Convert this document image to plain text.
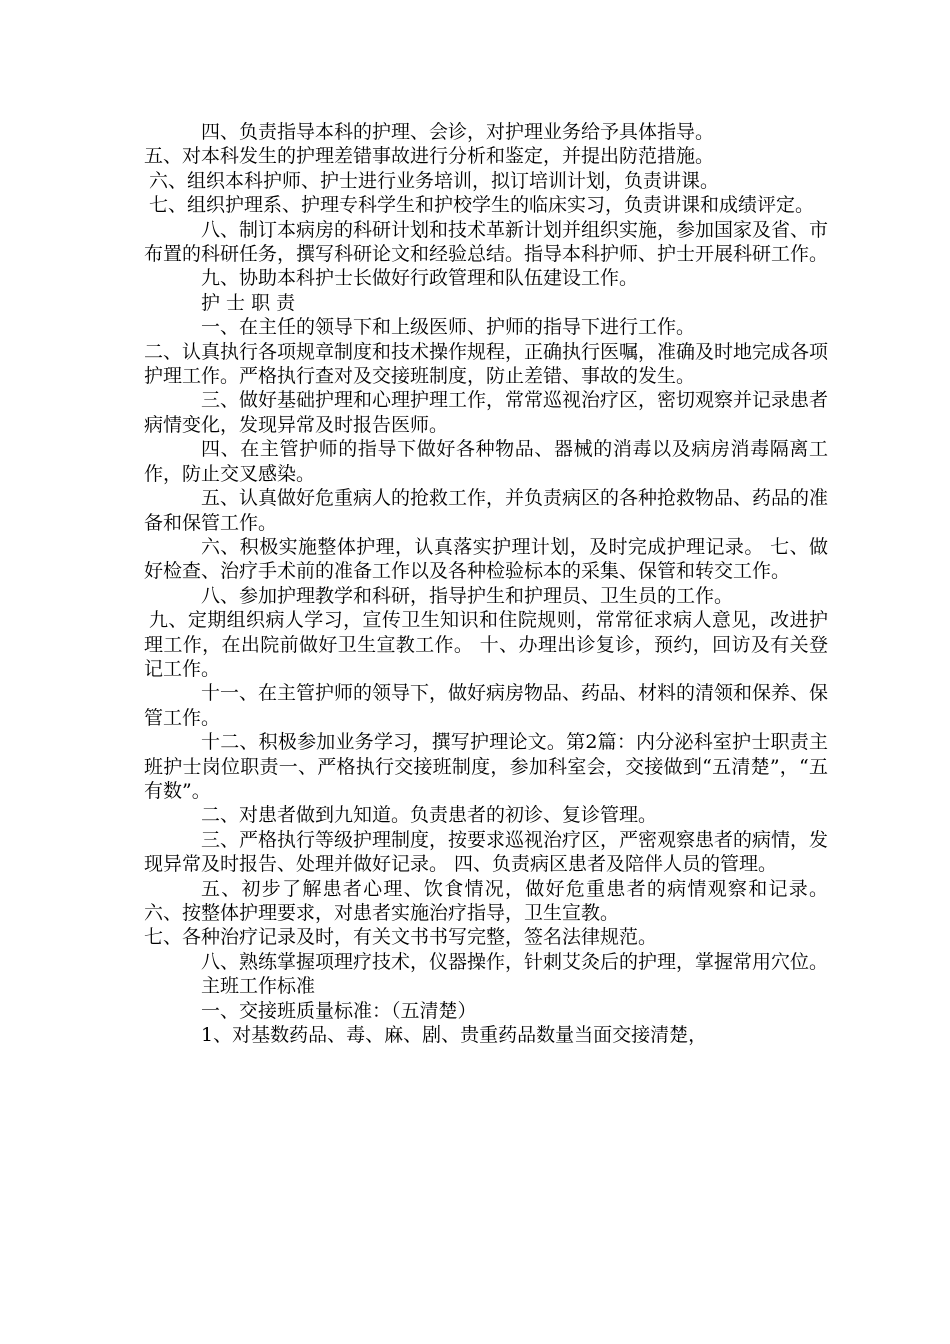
四、负责指导本科的护理、会诊，对护理业务给予具体指导。

五、对本科发生的护理差错事故进行分析和鉴定，并提出防范措施。

六、组织本科护师、护士进行业务培训，拟订培训计划，负责讲课。

七、组织护理系、护理专科学生和护校学生的临床实习，负责讲课和成绩评定。

八、制订本病房的科研计划和技术革新计划并组织实施，参加国家及省、市布置的科研任务，撰写科研论文和经验总结。指导本科护师、护士开展科研工作。

九、协助本科护士长做好行政管理和队伍建设工作。

护 士 职 责

一、在主任的领导下和上级医师、护师的指导下进行工作。

二、认真执行各项规章制度和技术操作规程，正确执行医嘱，准确及时地完成各项护理工作。严格执行查对及交接班制度，防止差错、事故的发生。

三、做好基础护理和心理护理工作，常常巡视治疗区，密切观察并记录患者病情变化，发现异常及时报告医师。

四、在主管护师的指导下做好各种物品、器械的消毒以及病房消毒隔离工作，防止交叉感染。

五、认真做好危重病人的抢救工作，并负责病区的各种抢救物品、药品的准备和保管工作。

六、积极实施整体护理，认真落实护理计划，及时完成护理记录。 七、做好检查、治疗手术前的准备工作以及各种检验标本的采集、保管和转交工作。

八、参加护理教学和科研，指导护生和护理员、卫生员的工作。

九、定期组织病人学习，宣传卫生知识和住院规则，常常征求病人意见，改进护理工作，在出院前做好卫生宣教工作。 十、办理出诊复诊，预约，回访及有关登记工作。

十一、在主管护师的领导下，做好病房物品、药品、材料的清领和保养、保管工作。

十二、积极参加业务学习，撰写护理论文。第2篇：内分泌科室护士职责主班护士岗位职责一、严格执行交接班制度，参加科室会，交接做到“五清楚”，“五有数”。

二、对患者做到九知道。负责患者的初诊、复诊管理。

三、严格执行等级护理制度，按要求巡视治疗区，严密观察患者的病情，发现异常及时报告、处理并做好记录。 四、负责病区患者及陪伴人员的管理。

五、初步了解患者心理、饮食情况，做好危重患者的病情观察和记录。 六、按整体护理要求，对患者实施治疗指导，卫生宣教。

七、各种治疗记录及时，有关文书书写完整，签名法律规范。

八、熟练掌握项理疗技术，仪器操作，针刺艾灸后的护理，掌握常用穴位。

主班工作标准

一、交接班质量标准：（五清楚）

1、对基数药品、毒、麻、剧、贵重药品数量当面交接清楚，
